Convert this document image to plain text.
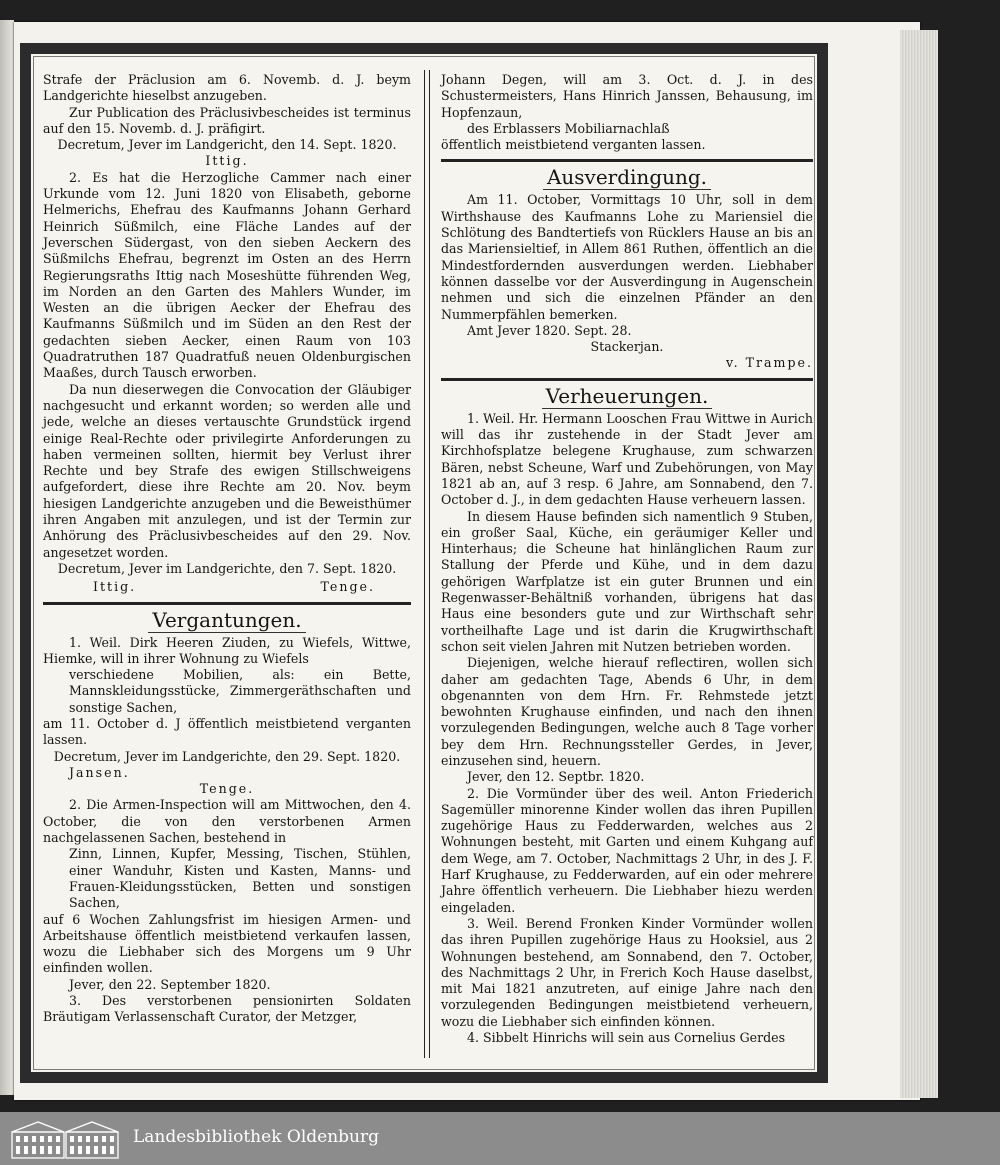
Strafe der Präclusion am 6. Novemb. d. J. beym Landgerichte hieselbst anzugeben.

Zur Publication des Präclusivbescheides ist terminus auf den 15. Novemb. d. J. präfigirt.

Decretum, Jever im Landgericht, den 14. Sept. 1820.

Ittig.

2. Es hat die Herzogliche Cammer nach einer Urkunde vom 12. Juni 1820 von Elisabeth, geborne Helmerichs, Ehefrau des Kaufmanns Johann Gerhard Heinrich Süßmilch, eine Fläche Landes auf der Jeverschen Südergast, von den sieben Aeckern des Süßmilchs Ehefrau, begrenzt im Osten an des Herrn Regierungsraths Ittig nach Moseshütte führenden Weg, im Norden an den Garten des Mahlers Wunder, im Westen an die übrigen Aecker der Ehefrau des Kaufmanns Süßmilch und im Süden an den Rest der gedachten sieben Aecker, einen Raum von 103 Quadratruthen 187 Quadratfuß neuen Oldenburgischen Maaßes, durch Tausch erworben.

Da nun dieserwegen die Convocation der Gläubiger nachgesucht und erkannt worden; so werden alle und jede, welche an dieses vertauschte Grundstück irgend einige Real-Rechte oder privilegirte Anforderungen zu haben vermeinen sollten, hiermit bey Verlust ihrer Rechte und bey Strafe des ewigen Stillschweigens aufgefordert, diese ihre Rechte am 20. Nov. beym hiesigen Landgerichte anzugeben und die Beweisthümer ihren Angaben mit anzulegen, und ist der Termin zur Anhörung des Präclusivbescheides auf den 29. Nov. angesetzet worden.

Decretum, Jever im Landgerichte, den 7. Sept. 1820.

Ittig.	Tenge.

Vergantungen.

1. Weil. Dirk Heeren Ziuden, zu Wiefels, Wittwe, Hiemke, will in ihrer Wohnung zu Wiefels

verschiedene Mobilien, als: ein Bette, Mannskleidungsstücke, Zimmergeräthschaften und sonstige Sachen,

am 11. October d. J öffentlich meistbietend verganten lassen.

Decretum, Jever im Landgerichte, den 29. Sept. 1820.

Jansen.

Tenge.

2. Die Armen-Inspection will am Mittwochen, den 4. October, die von den verstorbenen Armen nachgelassenen Sachen, bestehend in

Zinn, Linnen, Kupfer, Messing, Tischen, Stühlen, einer Wanduhr, Kisten und Kasten, Manns- und Frauen-Kleidungsstücken, Betten und sonstigen Sachen,

auf 6 Wochen Zahlungsfrist im hiesigen Armen- und Arbeitshause öffentlich meistbietend verkaufen lassen, wozu die Liebhaber sich des Morgens um 9 Uhr einfinden wollen.

Jever, den 22. September 1820.

3. Des verstorbenen pensionirten Soldaten Bräutigam Verlassenschaft Curator, der Metzger,

Johann Degen, will am 3. Oct. d. J. in des Schustermeisters, Hans Hinrich Janssen, Behausung, im Hopfenzaun,

des Erblassers Mobiliarnachlaß

öffentlich meistbietend verganten lassen.

Ausverdingung.

Am 11. October, Vormittags 10 Uhr, soll in dem Wirthshause des Kaufmanns Lohe zu Mariensiel die Schlötung des Bandtertiefs von Rücklers Hause an bis an das Mariensieltief, in Allem 861 Ruthen, öffentlich an die Mindestfordernden ausverdungen werden. Liebhaber können dasselbe vor der Ausverdingung in Augenschein nehmen und sich die einzelnen Pfänder an den Nummerpfählen bemerken.

Amt Jever 1820. Sept. 28.

Stackerjan.

v. Trampe.

Verheuerungen.

1. Weil. Hr. Hermann Looschen Frau Wittwe in Aurich will das ihr zustehende in der Stadt Jever am Kirchhofsplatze belegene Krughause, zum schwarzen Bären, nebst Scheune, Warf und Zubehörungen, von May 1821 ab an, auf 3 resp. 6 Jahre, am Sonnabend, den 7. October d. J., in dem gedachten Hause verheuern lassen.

In diesem Hause befinden sich namentlich 9 Stuben, ein großer Saal, Küche, ein geräumiger Keller und Hinterhaus; die Scheune hat hinlänglichen Raum zur Stallung der Pferde und Kühe, und in dem dazu gehörigen Warfplatze ist ein guter Brunnen und ein Regenwasser-Behältniß vorhanden, übrigens hat das Haus eine besonders gute und zur Wirthschaft sehr vortheilhafte Lage und ist darin die Krugwirthschaft schon seit vielen Jahren mit Nutzen betrieben worden.

Diejenigen, welche hierauf reflectiren, wollen sich daher am gedachten Tage, Abends 6 Uhr, in dem obgenannten von dem Hrn. Fr. Rehmstede jetzt bewohnten Krughause einfinden, und nach den ihnen vorzulegenden Bedingungen, welche auch 8 Tage vorher bey dem Hrn. Rechnungssteller Gerdes, in Jever, einzusehen sind, heuern.

Jever, den 12. Septbr. 1820.

2. Die Vormünder über des weil. Anton Friederich Sagemüller minorenne Kinder wollen das ihren Pupillen zugehörige Haus zu Fedderwarden, welches aus 2 Wohnungen besteht, mit Garten und einem Kuhgang auf dem Wege, am 7. October, Nachmittags 2 Uhr, in des J. F. Harf Krughause, zu Fedderwarden, auf ein oder mehrere Jahre öffentlich verheuern. Die Liebhaber hiezu werden eingeladen.

3. Weil. Berend Fronken Kinder Vormünder wollen das ihren Pupillen zugehörige Haus zu Hooksiel, aus 2 Wohnungen bestehend, am Sonnabend, den 7. October, des Nachmittags 2 Uhr, in Frerich Koch Hause daselbst, mit Mai 1821 anzutreten, auf einige Jahre nach den vorzulegenden Bedingungen meistbietend verheuern, wozu die Liebhaber sich einfinden können.

4. Sibbelt Hinrichs will sein aus Cornelius Gerdes

Landesbibliothek Oldenburg
